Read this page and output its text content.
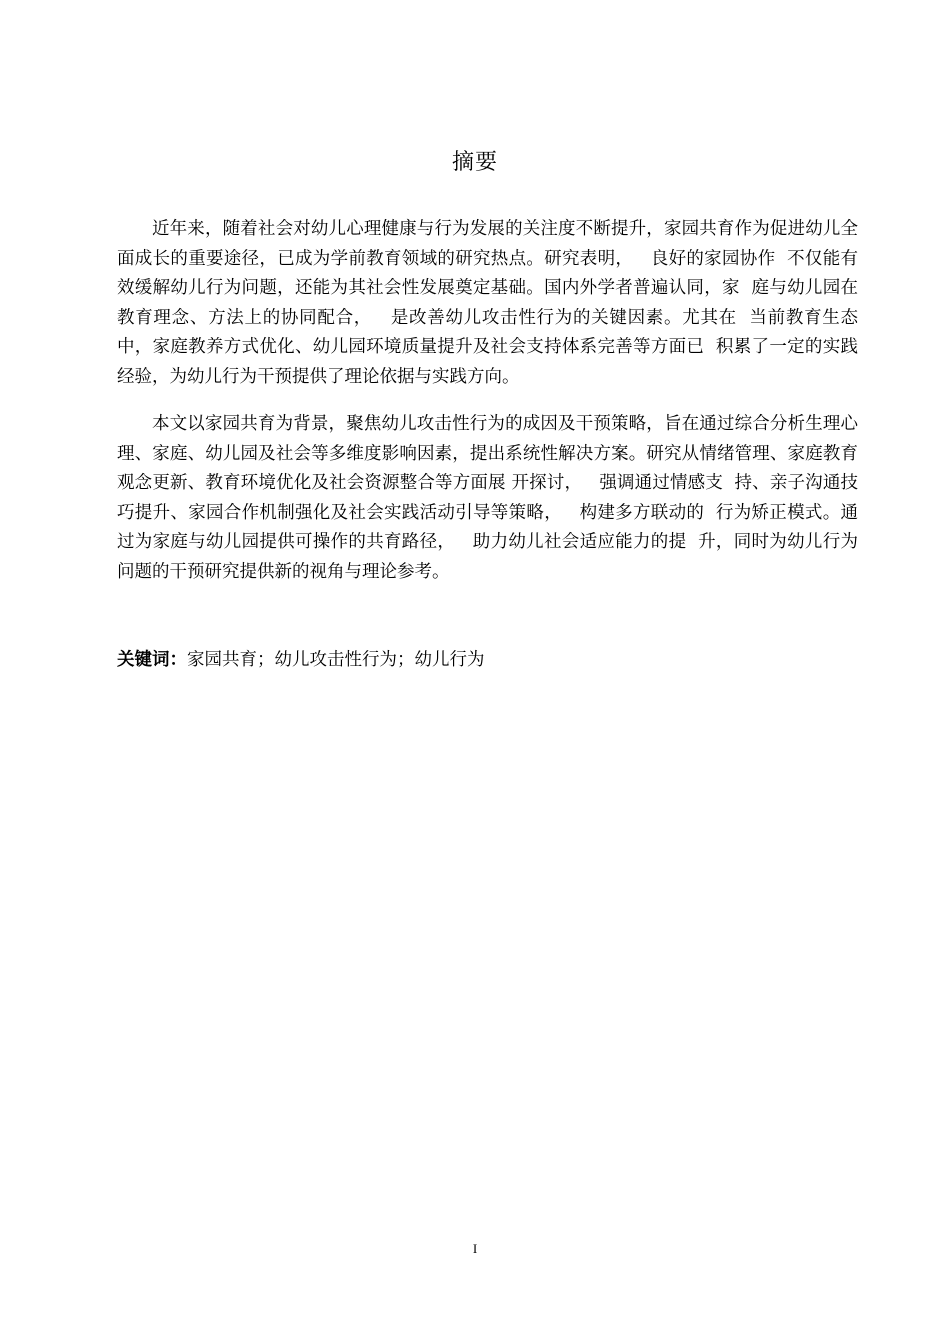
摘要

近年来，随着社会对幼儿心理健康与行为发展的关注度不断提升，家园共育作为促进幼儿全面成长的重要途径，已成为学前教育领域的研究热点。研究表明，   良好的家园协作  不仅能有效缓解幼儿行为问题，还能为其社会性发展奠定基础。国内外学者普遍认同，家  庭与幼儿园在教育理念、方法上的协同配合，   是改善幼儿攻击性行为的关键因素。尤其在  当前教育生态中，家庭教养方式优化、幼儿园环境质量提升及社会支持体系完善等方面已  积累了一定的实践经验，为幼儿行为干预提供了理论依据与实践方向。

本文以家园共育为背景，聚焦幼儿攻击性行为的成因及干预策略，旨在通过综合分析生理心理、家庭、幼儿园及社会等多维度影响因素，提出系统性解决方案。研究从情绪管理、家庭教育观念更新、教育环境优化及社会资源整合等方面展 开探讨，   强调通过情感支  持、亲子沟通技巧提升、家园合作机制强化及社会实践活动引导等策略，   构建多方联动的  行为矫正模式。通过为家庭与幼儿园提供可操作的共育路径，   助力幼儿社会适应能力的提  升，同时为幼儿行为问题的干预研究提供新的视角与理论参考。

关键词：家园共育；幼儿攻击性行为；幼儿行为
I
